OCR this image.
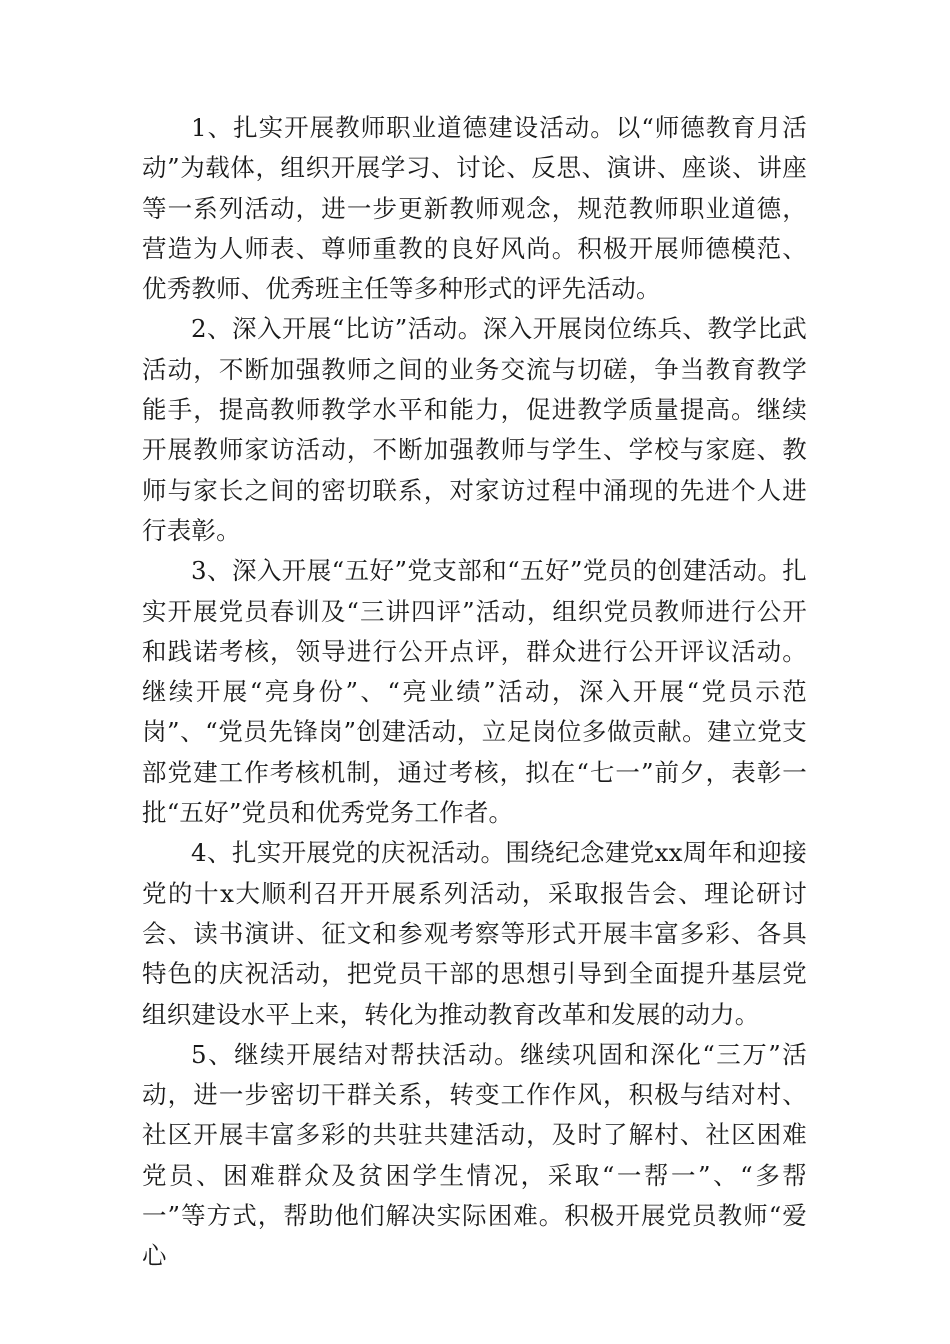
1、扎实开展教师职业道德建设活动。以“师德教育月活动”为载体，组织开展学习、讨论、反思、演讲、座谈、讲座等一系列活动，进一步更新教师观念，规范教师职业道德，营造为人师表、尊师重教的良好风尚。积极开展师德模范、优秀教师、优秀班主任等多种形式的评先活动。

2、深入开展“比访”活动。深入开展岗位练兵、教学比武活动，不断加强教师之间的业务交流与切磋，争当教育教学能手，提高教师教学水平和能力，促进教学质量提高。继续开展教师家访活动，不断加强教师与学生、学校与家庭、教师与家长之间的密切联系，对家访过程中涌现的先进个人进行表彰。

3、深入开展“五好”党支部和“五好”党员的创建活动。扎实开展党员春训及“三讲四评”活动，组织党员教师进行公开和践诺考核，领导进行公开点评，群众进行公开评议活动。继续开展“亮身份”、“亮业绩”活动，深入开展“党员示范岗”、“党员先锋岗”创建活动，立足岗位多做贡献。建立党支部党建工作考核机制，通过考核，拟在“七一”前夕，表彰一批“五好”党员和优秀党务工作者。

4、扎实开展党的庆祝活动。围绕纪念建党xx周年和迎接党的十x大顺利召开开展系列活动，采取报告会、理论研讨会、读书演讲、征文和参观考察等形式开展丰富多彩、各具特色的庆祝活动，把党员干部的思想引导到全面提升基层党组织建设水平上来，转化为推动教育改革和发展的动力。

5、继续开展结对帮扶活动。继续巩固和深化“三万”活动，进一步密切干群关系，转变工作作风，积极与结对村、社区开展丰富多彩的共驻共建活动，及时了解村、社区困难党员、困难群众及贫困学生情况，采取“一帮一”、“多帮一”等方式，帮助他们解决实际困难。积极开展党员教师“爱心
